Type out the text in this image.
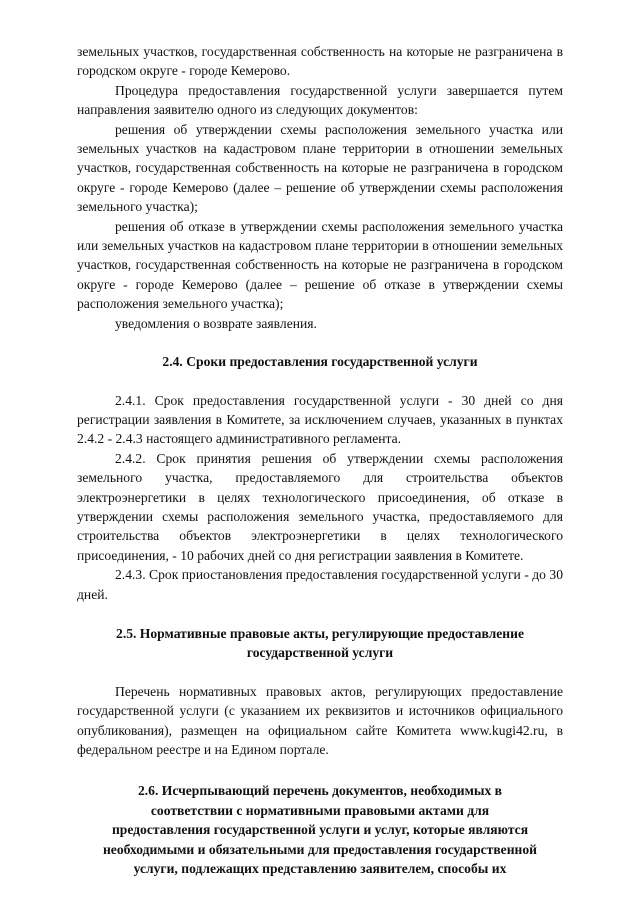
земельных участков, государственная собственность на которые не разграничена в городском округе - городе Кемерово.

Процедура предоставления государственной услуги завершается путем направления заявителю одного из следующих документов:

решения об утверждении схемы расположения земельного участка или земельных участков на кадастровом плане территории в отношении земельных участков, государственная собственность на которые не разграничена в городском округе - городе Кемерово (далее – решение об утверждении схемы расположения земельного участка);

решения об отказе в утверждении схемы расположения земельного участка или земельных участков на кадастровом плане территории в отношении земельных участков, государственная собственность на которые не разграничена в городском округе - городе Кемерово (далее – решение об отказе в утверждении схемы расположения земельного участка);

уведомления о возврате заявления.

2.4. Сроки предоставления государственной услуги

2.4.1. Срок предоставления государственной услуги - 30 дней со дня регистрации заявления в Комитете, за исключением случаев, указанных в пунктах 2.4.2 - 2.4.3 настоящего административного регламента.

2.4.2. Срок принятия решения об утверждении схемы расположения земельного участка, предоставляемого для строительства объектов электроэнергетики в целях технологического присоединения, об отказе в утверждении схемы расположения земельного участка, предоставляемого для строительства объектов электроэнергетики в целях технологического присоединения, - 10 рабочих дней со дня регистрации заявления в Комитете.

2.4.3. Срок приостановления предоставления государственной услуги - до 30 дней.

2.5. Нормативные правовые акты, регулирующие предоставление
государственной услуги

Перечень нормативных правовых актов, регулирующих предоставление государственной услуги (с указанием их реквизитов и источников официального опубликования), размещен на официальном сайте Комитета www.kugi42.ru, в федеральном реестре и на Едином портале.

2.6. Исчерпывающий перечень документов, необходимых в
соответствии с нормативными правовыми актами для
предоставления государственной услуги и услуг, которые являются
необходимыми и обязательными для предоставления государственной
услуги, подлежащих представлению заявителем, способы их
